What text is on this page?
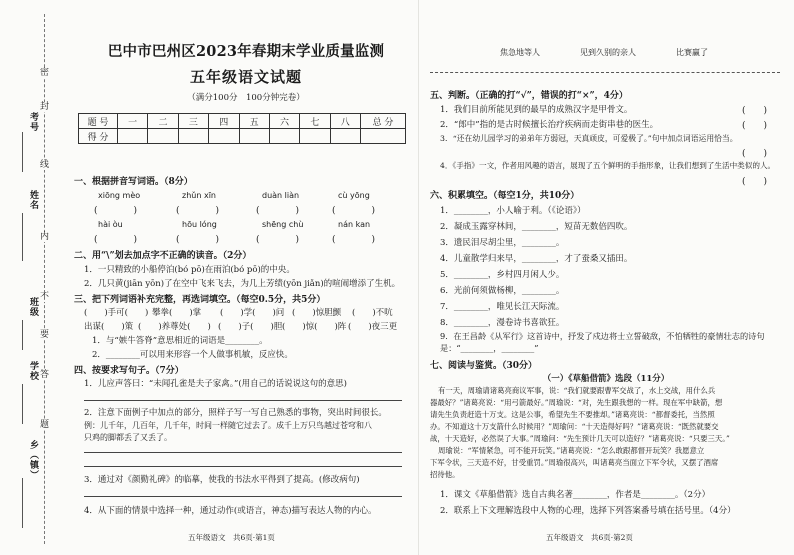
考号
姓名
班级
学校
乡（镇）
密
封
线
内
不
要
答
题
巴中市巴州区2023年春期末学业质量监测
五年级语文试题
（满分100分　100分钟完卷）
题 号	一	二	三	四	五	六	七	八	总 分
得 分									
一、根据拼音写词语。（8分）
xiōng mèo	zhǔn xīn	duàn liàn	cù yōng
(　　　　)	(　　　　)	(　　　　)	(　　　　)
hài òu	hōu lóng	shēng chù	nán kan
(　　　　)	(　　　　)	(　　　　)	(　　　　)
二、用“\”划去加点字不正确的读音。（2分）
1．一只精致的小船停泊(bó pō)在雨泊(bó pō)的中央。
2．几只黄(jiān yōn)了在空中飞来飞去，为几上芳绩(yōn jiǎn)的喧闹增添了生机。
三、把下列词语补充完整，再选词填空。（每空0.5分，共5分）
(　　)手可(　　) 攀拳(　　)掌 (　　)学(　　)问 (　　)惊胆颤 (　　)不吭
出谋(　　)策 (　　)养尊处(　　) (　　)子(　　)胆 (　　)惊(　　)阵 (　　)夜三更
1．与“嫉牛答脊”意思相近的词语是________。
2．________可以用来形容一个人做事机敏，反应快。
四、按要求写句子。（7分）
1．儿应声答曰：“未闻孔雀是夫子家禽。”(用自己的话说说这句的意思)
2．注意下面例子中加点的部分，照样子写一写自己熟悉的事物，突出时间很长。
例：儿千年，几百年，几千年，时间一样随它过去了。成千上万只鸟越过苍穹和八
只鸡的脚都丢了又丢了。
3．通过对《颜勤礼碑》的临摹，使我的书法水平得到了提高。(修改病句)
4．从下面的情景中选择一种，通过动作(或语言，神态)描写表达人物的内心。
五年级语文　共6页·第1页
焦急地等人　　　　　见到久别的亲人　　　　　比赛赢了
五、判断。（正确的打“√”，错误的打“×”，4分）
1．我们目前所能见到的最早的成熟汉字是甲骨文。	(　　)
2．“郎中”指的是古时候擅长治疗疾病而走街串巷的医生。	(　　)
3．“还在幼儿园学习的弟弟年方弱冠，天真顽皮，可爱极了。”句中加点词语运用恰当。
(　　)
4．《手指》一文，作者用风趣的语言，展现了五个鲜明的手指形象，让我们想到了生活中类似的人。
(　　)
六、积累填空。（每空1分，共10分）
1．________，小人喻于利。（《论语》）
2．凝成玉露穿林间，________，短苗无数倍四吹。
3．遗民泪尽胡尘里，________。
4．儿童散学归来早，________，才了蚕桑又插田。
5．________，乡村四月闲人少。
6．光前何须做杨柳，________。
7．________，唯见长江天际流。
8．________，漫卷诗书喜欲狂。
9．在王昌龄《从军行》这首诗中，抒发了戍边将士立誓破敌，不怕牺牲的豪情壮志的诗句是：“________，________”
七、阅读与鉴赏。（30分）
（一）《草船借箭》选段（11分）
有一天，周瑜请诸葛亮商议军事，说：“我们就要跟曹军交战了，水上交战，用什么兵
器最好？”诸葛亮说：“用弓箭最好。”周瑜说：“对，先生跟我想的一样。现在军中缺箭，想
请先生负责赶造十万支。这是公事，希望先生不要推却。”诸葛亮说：“都督委托，当然照
办。不知道这十万支箭什么时候用？”周瑜问：“十天造得好吗？”诸葛亮说：“既然就要交
战，十天造好，必然误了大事。”周瑜问：“先生预计几天可以造好？”诸葛亮说：“只要三天。”
周瑜说：“军情紧急，可不能开玩笑。”诸葛亮说：“怎么敢跟都督开玩笑？我愿意立
下军令状，三天造不好，甘受重罚。”周瑜很高兴，叫诸葛亮当面立下军令状，又摆了酒席
招待他。
1．课文《草船借箭》选自古典名著________，作者是________。（2分）
2．联系上下文理解选段中人物的心理，选择下列答案番号填在括号里。（4分）
五年级语文　共6页·第2页
